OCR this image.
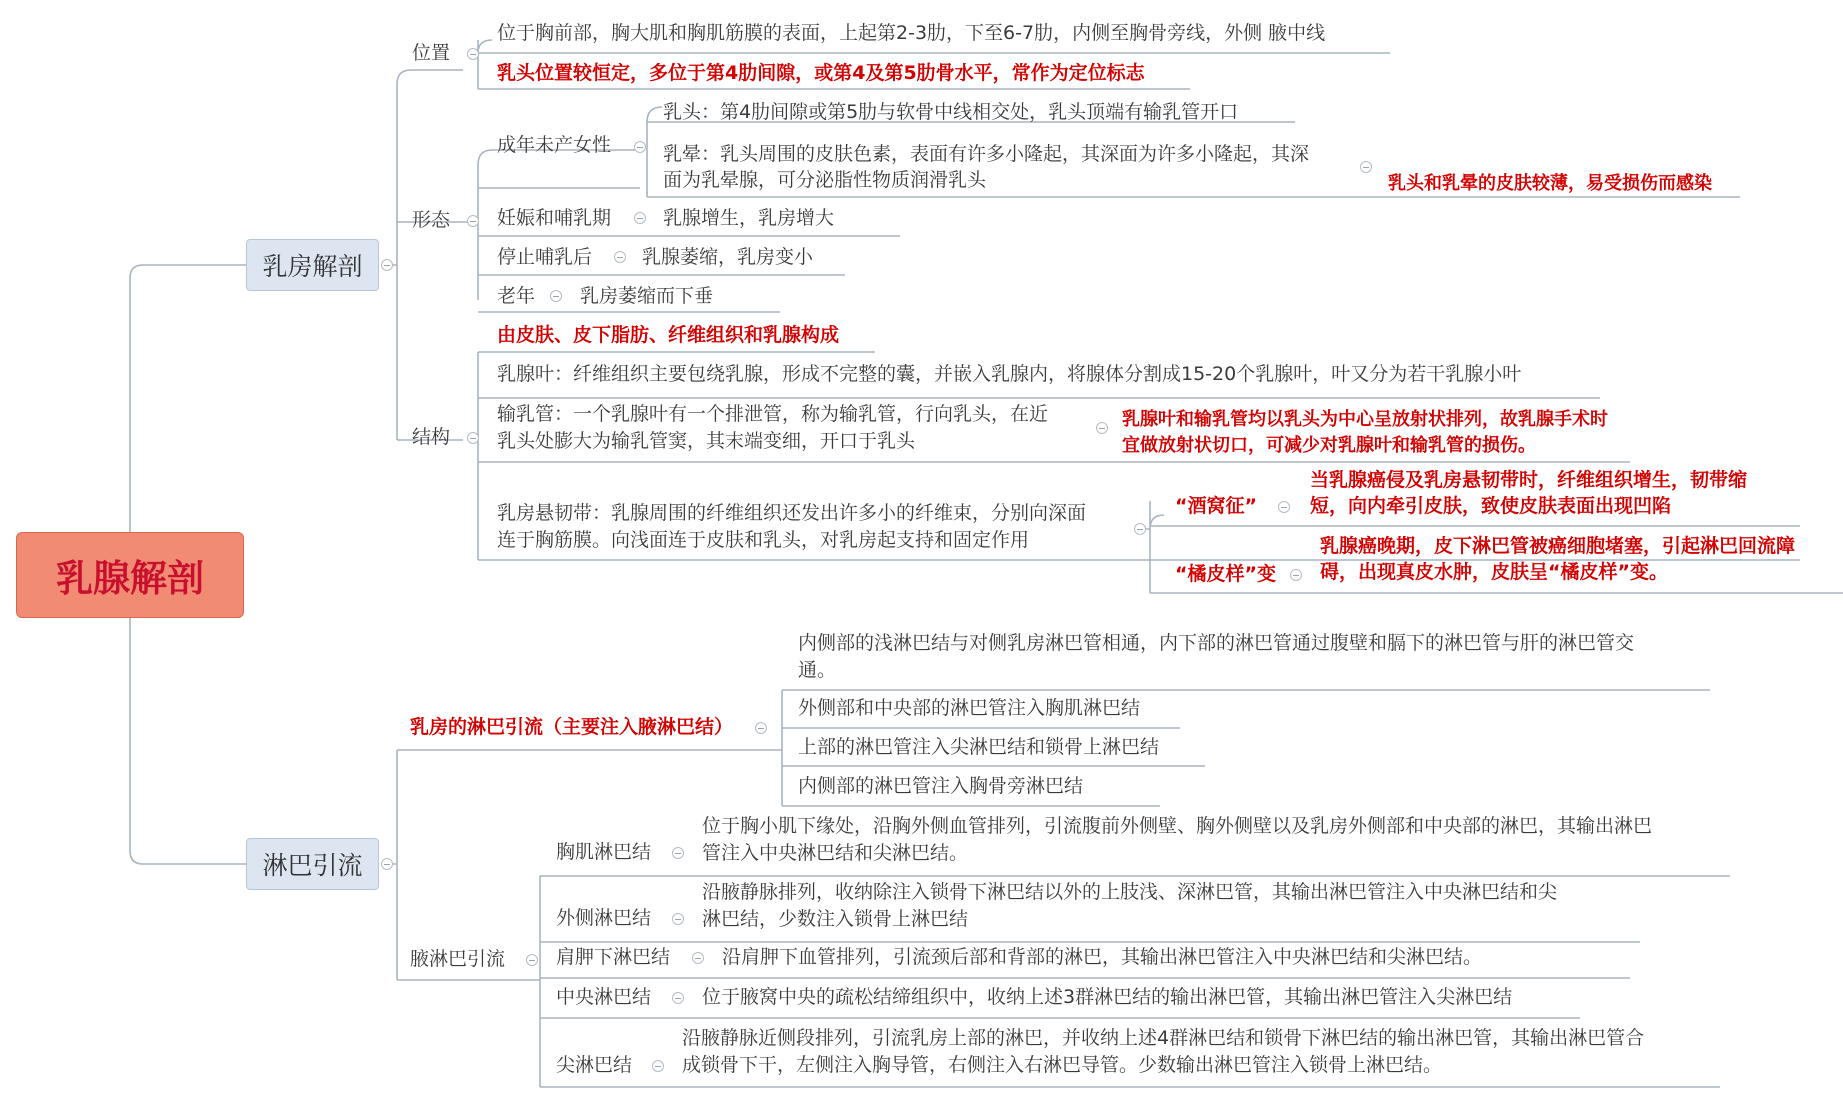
乳腺解剖
乳房解剖
淋巴引流
位置
位于胸前部，胸大肌和胸肌筋膜的表面，上起第2-3肋，下至6-7肋，内侧至胸骨旁线，外侧 腋中线
乳头位置较恒定，多位于第4肋间隙，或第4及第5肋骨水平，常作为定位标志
形态
成年未产女性
乳头：第4肋间隙或第5肋与软骨中线相交处，乳头顶端有输乳管开口
乳晕：乳头周围的皮肤色素，表面有许多小隆起，其深面为许多小隆起，其深
面为乳晕腺，可分泌脂性物质润滑乳头	乳头和乳晕的皮肤较薄，易受损伤而感染
妊娠和哺乳期	乳腺增生，乳房增大
停止哺乳后	乳腺萎缩，乳房变小
老年 乳房萎缩而下垂
由皮肤、皮下脂肪、纤维组织和乳腺构成
结构
乳腺叶：纤维组织主要包绕乳腺，形成不完整的囊，并嵌入乳腺内，将腺体分割成15-20个乳腺叶，叶又分为若干乳腺小叶
输乳管：一个乳腺叶有一个排泄管，称为输乳管，行向乳头，在近
乳头处膨大为输乳管窦，其末端变细，开口于乳头
乳腺叶和输乳管均以乳头为中心呈放射状排列，故乳腺手术时
宜做放射状切口，可减少对乳腺叶和输乳管的损伤。
乳房悬韧带：乳腺周围的纤维组织还发出许多小的纤维束，分别向深面
连于胸筋膜。向浅面连于皮肤和乳头，对乳房起支持和固定作用
“酒窝征”
当乳腺癌侵及乳房悬韧带时，纤维组织增生，韧带缩
短，向内牵引皮肤，致使皮肤表面出现凹陷
“橘皮样”变
乳腺癌晚期，皮下淋巴管被癌细胞堵塞，引起淋巴回流障
碍，出现真皮水肿，皮肤呈“橘皮样”变。
乳房的淋巴引流（主要注入腋淋巴结）
内侧部的浅淋巴结与对侧乳房淋巴管相通，内下部的淋巴管通过腹壁和膈下的淋巴管与肝的淋巴管交
通。
外侧部和中央部的淋巴管注入胸肌淋巴结
上部的淋巴管注入尖淋巴结和锁骨上淋巴结
内侧部的淋巴管注入胸骨旁淋巴结
腋淋巴引流
胸肌淋巴结
位于胸小肌下缘处，沿胸外侧血管排列，引流腹前外侧壁、胸外侧壁以及乳房外侧部和中央部的淋巴，其输出淋巴
管注入中央淋巴结和尖淋巴结。
外侧淋巴结
沿腋静脉排列，收纳除注入锁骨下淋巴结以外的上肢浅、深淋巴管，其输出淋巴管注入中央淋巴结和尖
淋巴结，少数注入锁骨上淋巴结
肩胛下淋巴结	沿肩胛下血管排列，引流颈后部和背部的淋巴，其输出淋巴管注入中央淋巴结和尖淋巴结。
中央淋巴结	位于腋窝中央的疏松结缔组织中，收纳上述3群淋巴结的输出淋巴管，其输出淋巴管注入尖淋巴结
尖淋巴结
沿腋静脉近侧段排列，引流乳房上部的淋巴，并收纳上述4群淋巴结和锁骨下淋巴结的输出淋巴管，其输出淋巴管合
成锁骨下干，左侧注入胸导管，右侧注入右淋巴导管。少数输出淋巴管注入锁骨上淋巴结。
